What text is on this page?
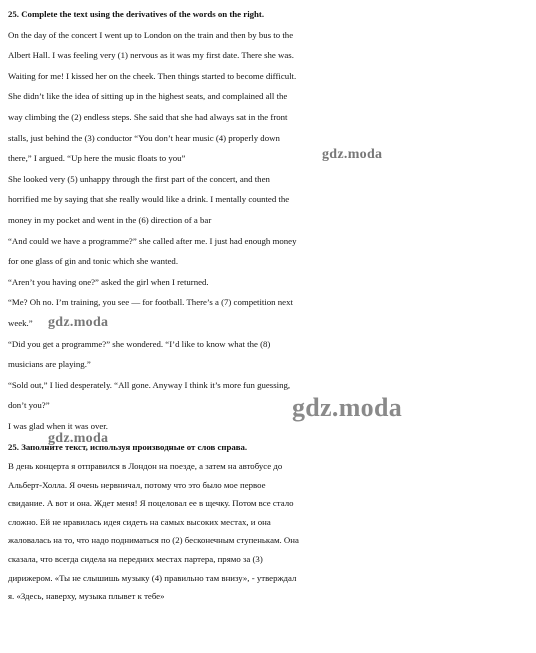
25. Complete the text using the derivatives of the words on the right.
On the day of the concert I went up to London on the train and then by bus to the
Albert Hall. I was feeling very (1) nervous as it was my first date. There she was.
Waiting for me! I kissed her on the cheek. Then things started to become difficult.
She didn’t like the idea of sitting up in the highest seats, and complained all the
way climbing the (2) endless steps. She said that she had always sat in the front
stalls, just behind the (3) conductor “You don’t hear music (4) properly down
there,” I argued. “Up here the music floats to you”
She looked very (5) unhappy through the first part of the concert, and then
horrified me by saying that she really would like a drink. I mentally counted the
money in my pocket and went in the (6) direction of a bar
“And could we have a programme?” she called after me. I just had enough money
for one glass of gin and tonic which she wanted.
“Aren’t you having one?” asked the girl when I returned.
“Me? Oh no. I’m training, you see — for football. There’s a (7) competition next
week.”
“Did you get a programme?” she wondered. “I’d like to know what the (8)
musicians are playing.”
“Sold out,” I lied desperately. “All gone. Anyway I think it’s more fun guessing,
don’t you?”
I was glad when it was over.
25. Заполните текст, используя производные от слов справа.
В день концерта я отправился в Лондон на поезде, а затем на автобусе до
Альберт-Холла. Я очень нервничал, потому что это было мое первое
свидание. А вот и она. Ждет меня! Я поцеловал ее в щечку. Потом все стало
сложно. Ей не нравилась идея сидеть на самых высоких местах, и она
жаловалась на то, что надо подниматься по (2) бесконечным ступенькам. Она
сказала, что всегда сидела на передних местах партера, прямо за (3)
дирижером. «Ты не слышишь музыку (4) правильно там внизу», - утверждал
я. «Здесь, наверху, музыка плывет к тебе»
gdz.moda
gdz.moda
gdz.moda
gdz.moda
